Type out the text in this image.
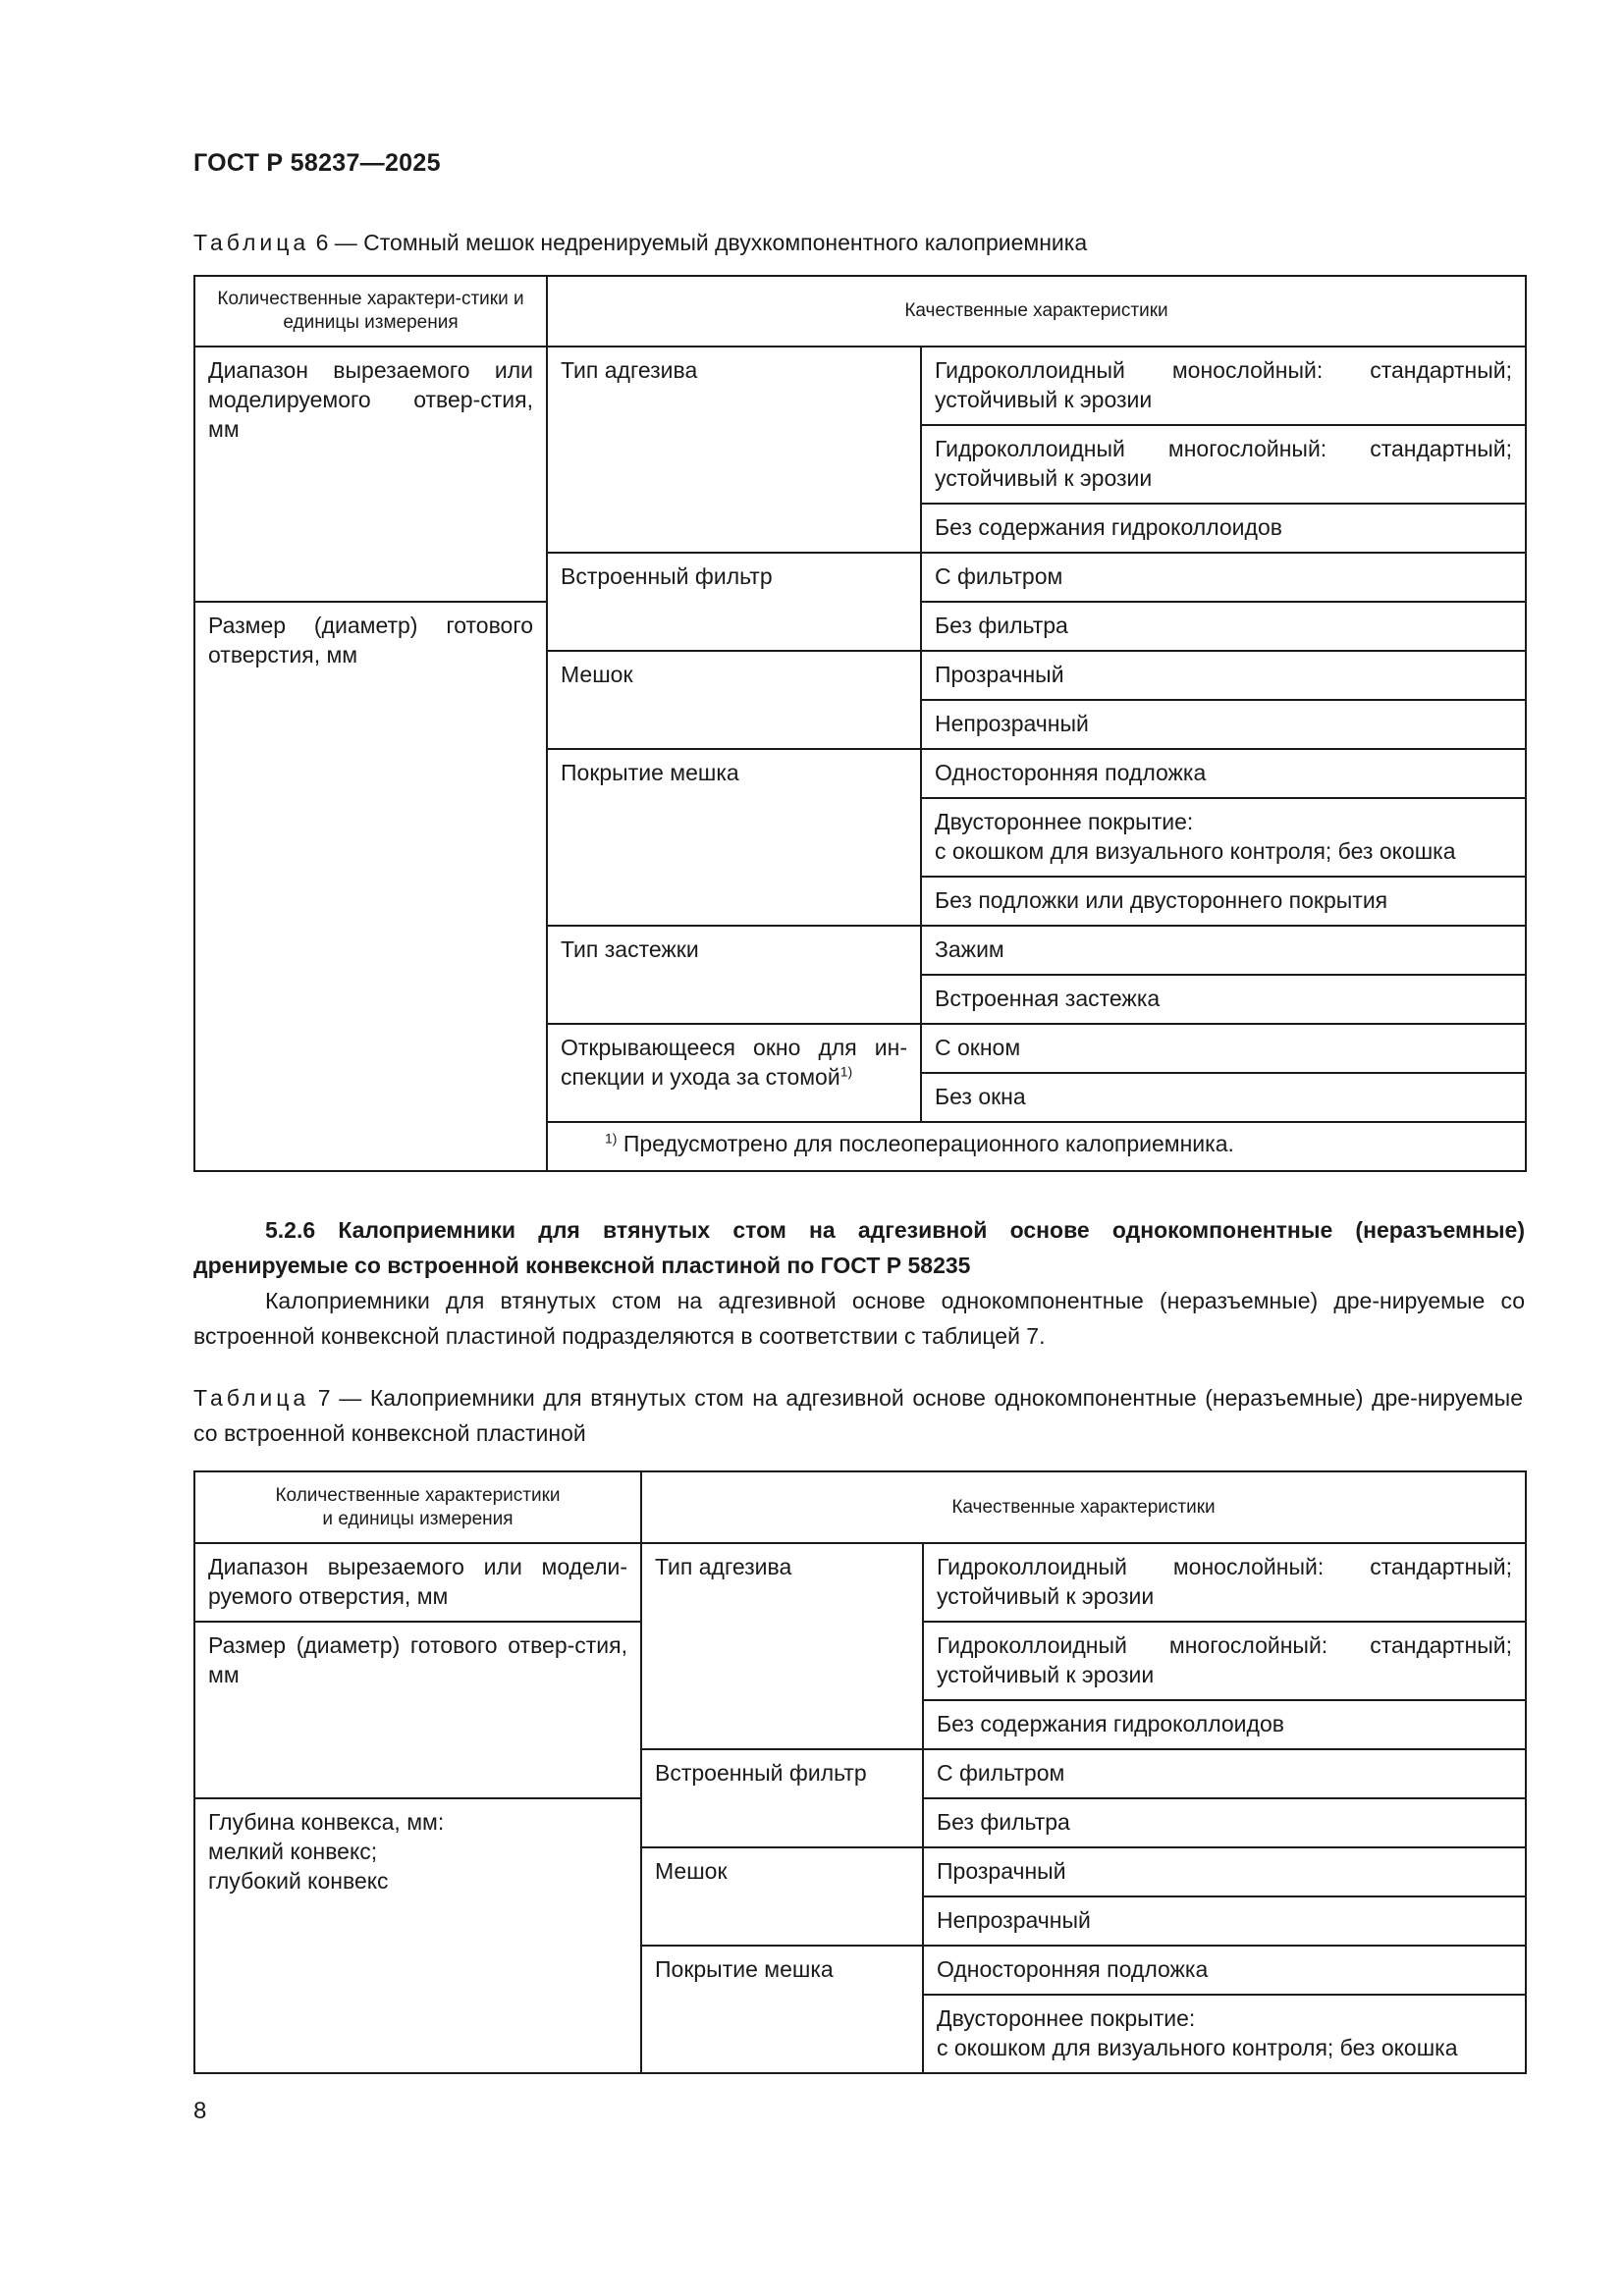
ГОСТ Р 58237—2025
Таблица 6 — Стомный мешок недренируемый двухкомпонентного калоприемника
Количественные характери-стики и единицы измерения	Качественные характеристики	
Диапазон вырезаемого или моделируемого отвер-стия, мм	Тип адгезива	Гидроколлоидный монослойный: стандартный; устойчивый к эрозии
		Гидроколлоидный многослойный: стандартный; устойчивый к эрозии
		Без содержания гидроколлоидов
	Встроенный фильтр	С фильтром
Размер (диаметр) готового отверстия, мм		Без фильтра
	Мешок	Прозрачный
		Непрозрачный
	Покрытие мешка	Односторонняя подложка
		Двустороннее покрытие:
с окошком для визуального контроля; без окошка
		Без подложки или двустороннего покрытия
	Тип застежки	Зажим
		Встроенная застежка
	Открывающееся окно для ин-спекции и ухода за стомой$^{1)}$	С окном
		Без окна
	$^{1)}$ Предусмотрено для послеоперационного калоприемника.	

5.2.6 Калоприемники для втянутых стом на адгезивной основе однокомпонентные (неразъемные) дренируемые со встроенной конвексной пластиной по ГОСТ Р 58235

Калоприемники для втянутых стом на адгезивной основе однокомпонентные (неразъемные) дре-нируемые со встроенной конвексной пластиной подразделяются в соответствии с таблицей 7.

Таблица 7 — Калоприемники для втянутых стом на адгезивной основе однокомпонентные (неразъемные) дре-нируемые со встроенной конвексной пластиной
Количественные характеристики
и единицы измерения	Качественные характеристики	
Диапазон вырезаемого или модели-руемого отверстия, мм	Тип адгезива	Гидроколлоидный монослойный: стандартный; устойчивый к эрозии
Размер (диаметр) готового отвер-стия, мм		Гидроколлоидный многослойный: стандартный; устойчивый к эрозии
		Без содержания гидроколлоидов
	Встроенный фильтр	С фильтром
Глубина конвекса, мм:
мелкий конвекс;
глубокий конвекс		Без фильтра
	Мешок	Прозрачный
		Непрозрачный
	Покрытие мешка	Односторонняя подложка
		Двустороннее покрытие:
с окошком для визуального контроля; без окошка
8
